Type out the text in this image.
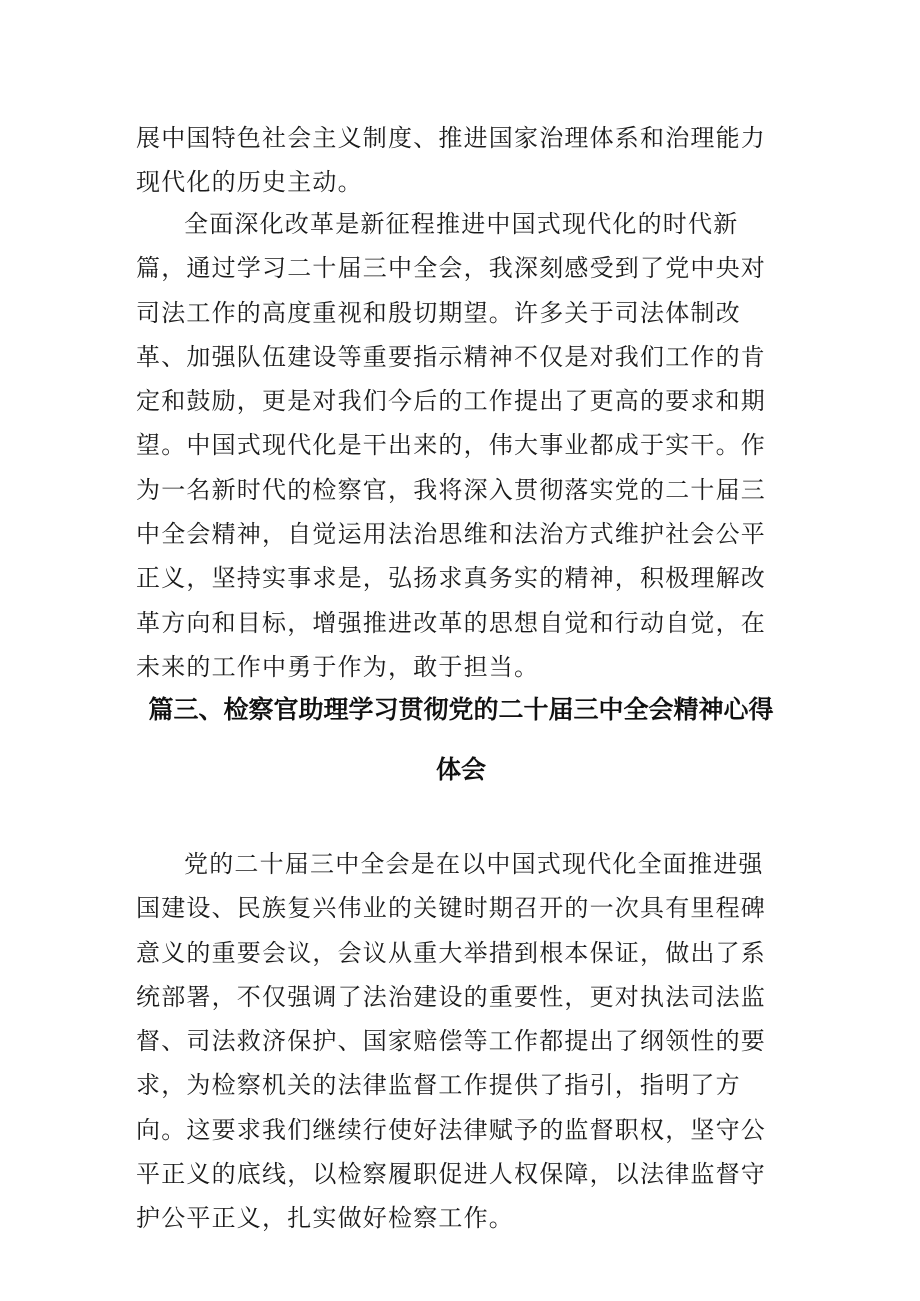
展中国特色社会主义制度、推进国家治理体系和治理能力现代化的历史主动。

全面深化改革是新征程推进中国式现代化的时代新篇，通过学习二十届三中全会，我深刻感受到了党中央对司法工作的高度重视和殷切期望。许多关于司法体制改革、加强队伍建设等重要指示精神不仅是对我们工作的肯定和鼓励，更是对我们今后的工作提出了更高的要求和期望。中国式现代化是干出来的，伟大事业都成于实干。作为一名新时代的检察官，我将深入贯彻落实党的二十届三中全会精神，自觉运用法治思维和法治方式维护社会公平正义，坚持实事求是，弘扬求真务实的精神，积极理解改革方向和目标，增强推进改革的思想自觉和行动自觉，在未来的工作中勇于作为，敢于担当。

篇三、检察官助理学习贯彻党的二十届三中全会精神心得
体会

党的二十届三中全会是在以中国式现代化全面推进强国建设、民族复兴伟业的关键时期召开的一次具有里程碑意义的重要会议，会议从重大举措到根本保证，做出了系统部署，不仅强调了法治建设的重要性，更对执法司法监督、司法救济保护、国家赔偿等工作都提出了纲领性的要求，为检察机关的法律监督工作提供了指引，指明了方向。这要求我们继续行使好法律赋予的监督职权，坚守公平正义的底线，以检察履职促进人权保障，以法律监督守护公平正义，扎实做好检察工作。
